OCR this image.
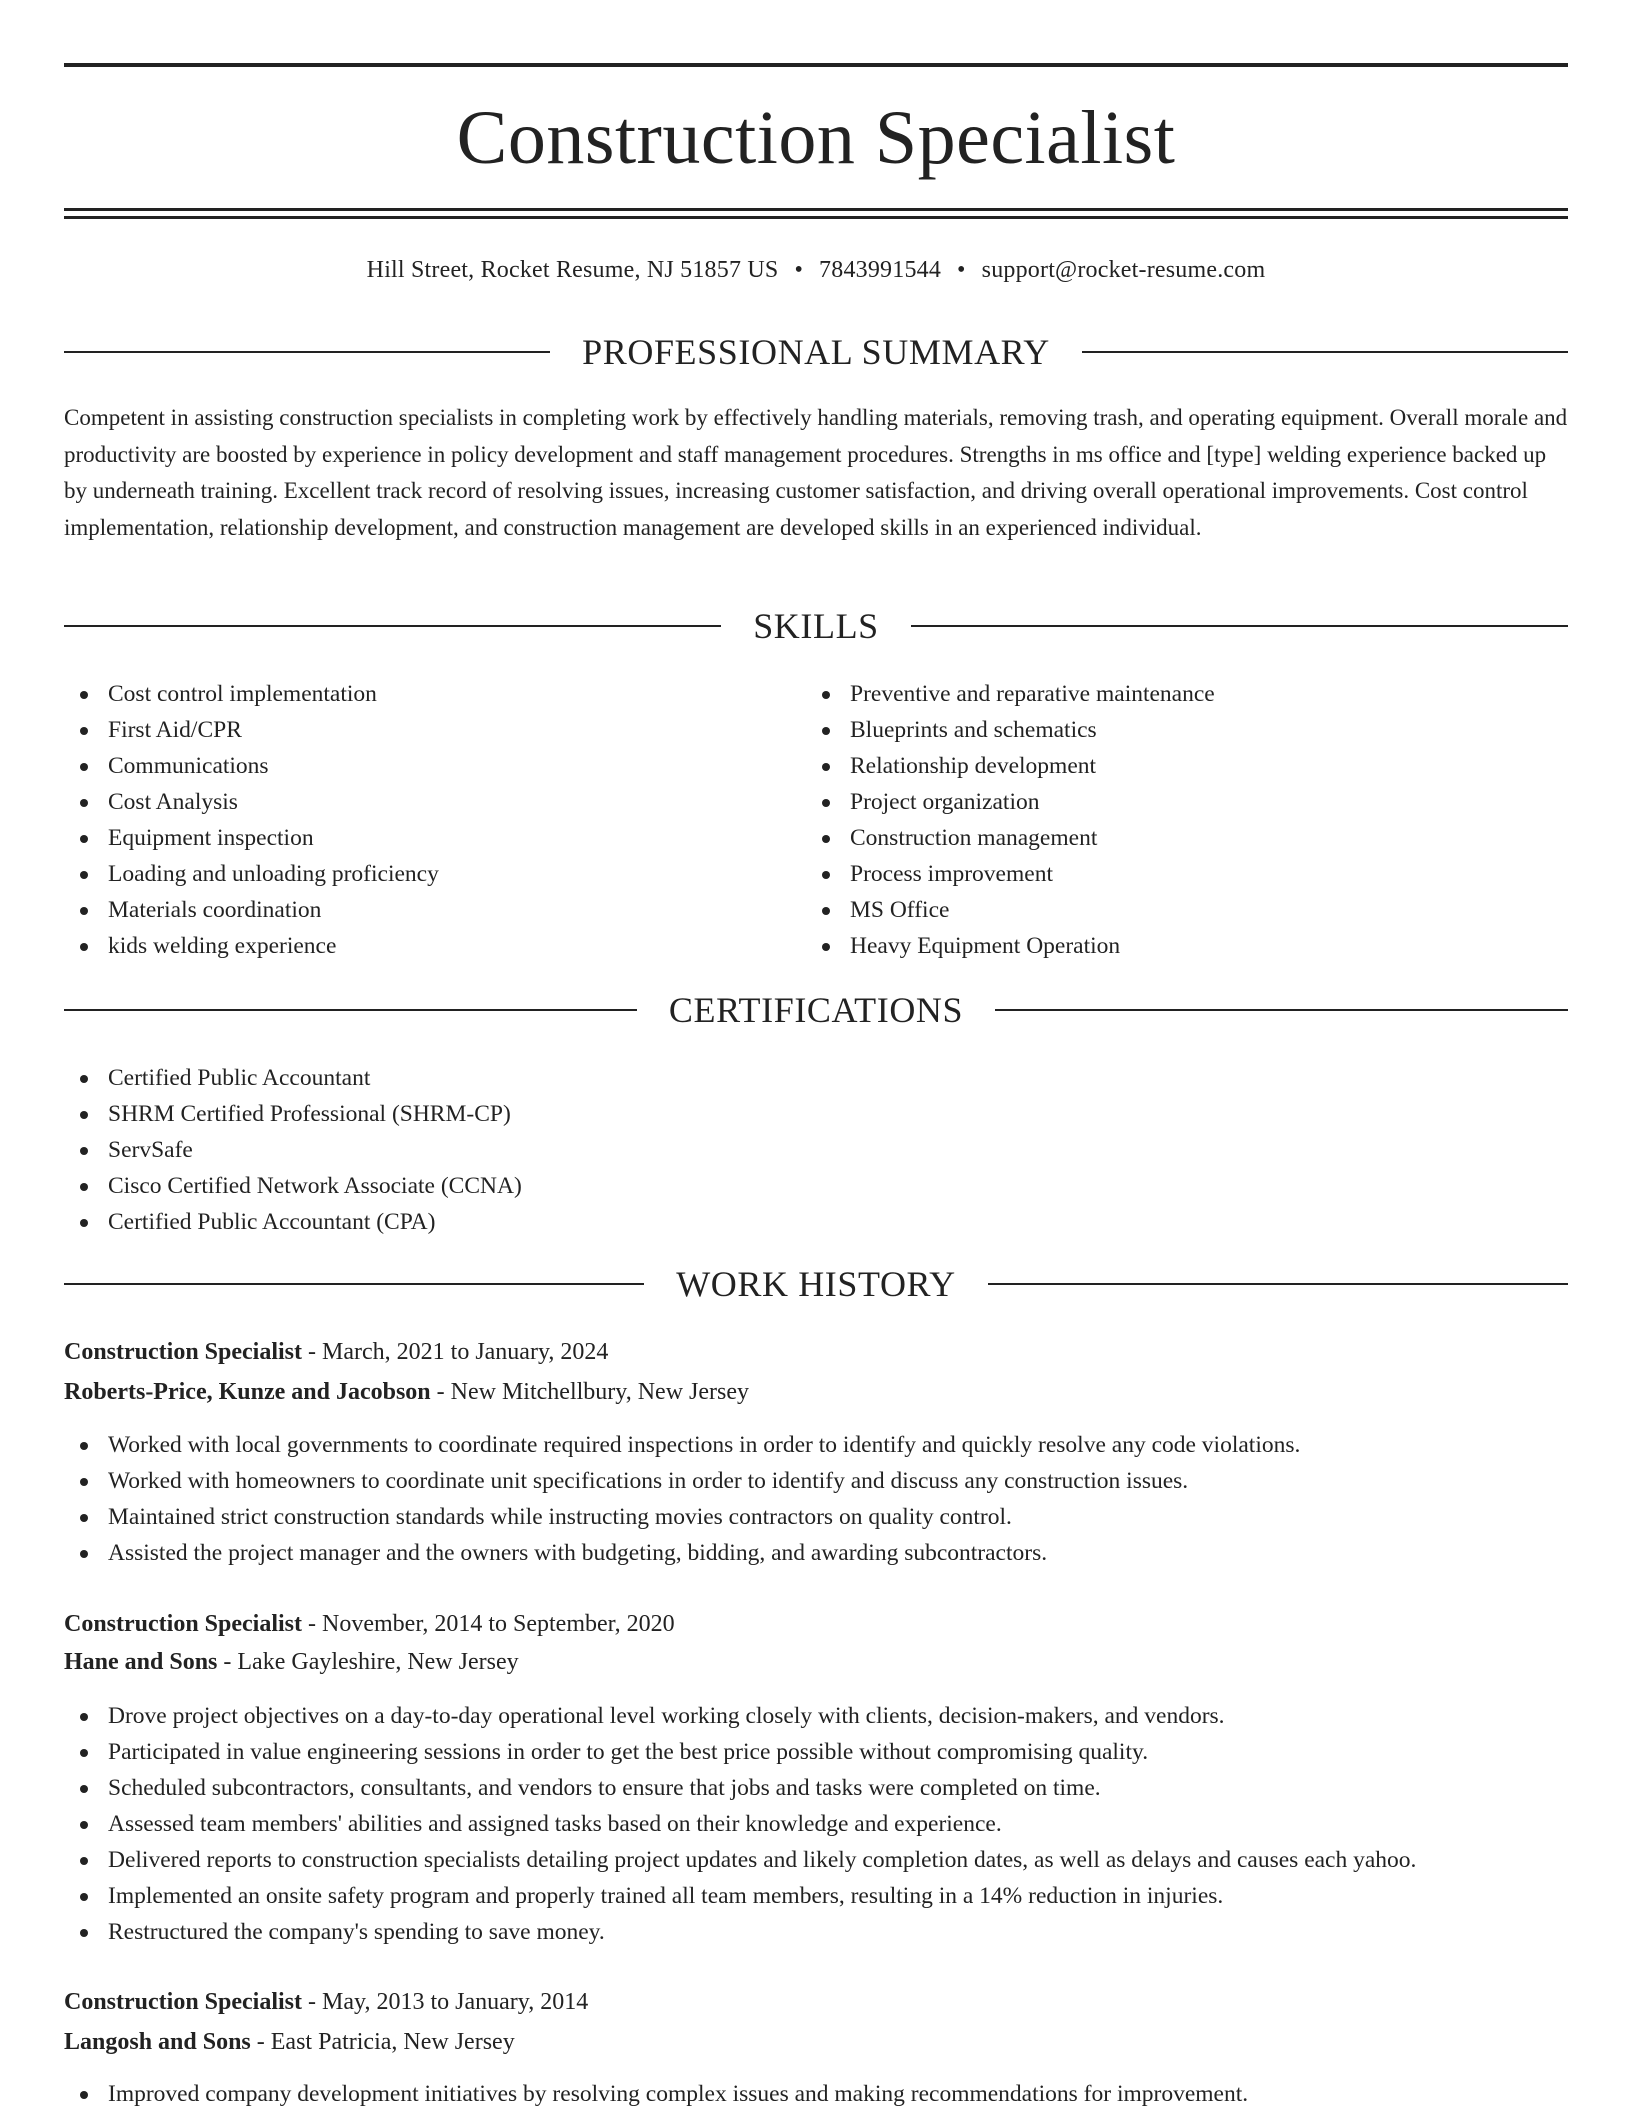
Construction Specialist
Hill Street, Rocket Resume, NJ 51857 US • 7843991544 • support@rocket-resume.com
PROFESSIONAL SUMMARY

Competent in assisting construction specialists in completing work by effectively handling materials, removing trash, and operating equipment. Overall morale and productivity are boosted by experience in policy development and staff management procedures. Strengths in ms office and [type] welding experience backed up by underneath training. Excellent track record of resolving issues, increasing customer satisfaction, and driving overall operational improvements. Cost control implementation, relationship development, and construction management are developed skills in an experienced individual.

SKILLS
Cost control implementation
First Aid/CPR
Communications
Cost Analysis
Equipment inspection
Loading and unloading proficiency
Materials coordination
kids welding experience
Preventive and reparative maintenance
Blueprints and schematics
Relationship development
Project organization
Construction management
Process improvement
MS Office
Heavy Equipment Operation
CERTIFICATIONS
Certified Public Accountant
SHRM Certified Professional (SHRM-CP)
ServSafe
Cisco Certified Network Associate (CCNA)
Certified Public Accountant (CPA)
WORK HISTORY
Construction Specialist - March, 2021 to January, 2024
Roberts-Price, Kunze and Jacobson - New Mitchellbury, New Jersey
Worked with local governments to coordinate required inspections in order to identify and quickly resolve any code violations.
Worked with homeowners to coordinate unit specifications in order to identify and discuss any construction issues.
Maintained strict construction standards while instructing movies contractors on quality control.
Assisted the project manager and the owners with budgeting, bidding, and awarding subcontractors.
Construction Specialist - November, 2014 to September, 2020
Hane and Sons - Lake Gayleshire, New Jersey
Drove project objectives on a day-to-day operational level working closely with clients, decision-makers, and vendors.
Participated in value engineering sessions in order to get the best price possible without compromising quality.
Scheduled subcontractors, consultants, and vendors to ensure that jobs and tasks were completed on time.
Assessed team members' abilities and assigned tasks based on their knowledge and experience.
Delivered reports to construction specialists detailing project updates and likely completion dates, as well as delays and causes each yahoo.
Implemented an onsite safety program and properly trained all team members, resulting in a 14% reduction in injuries.
Restructured the company's spending to save money.
Construction Specialist - May, 2013 to January, 2014
Langosh and Sons - East Patricia, New Jersey
Improved company development initiatives by resolving complex issues and making recommendations for improvement.
